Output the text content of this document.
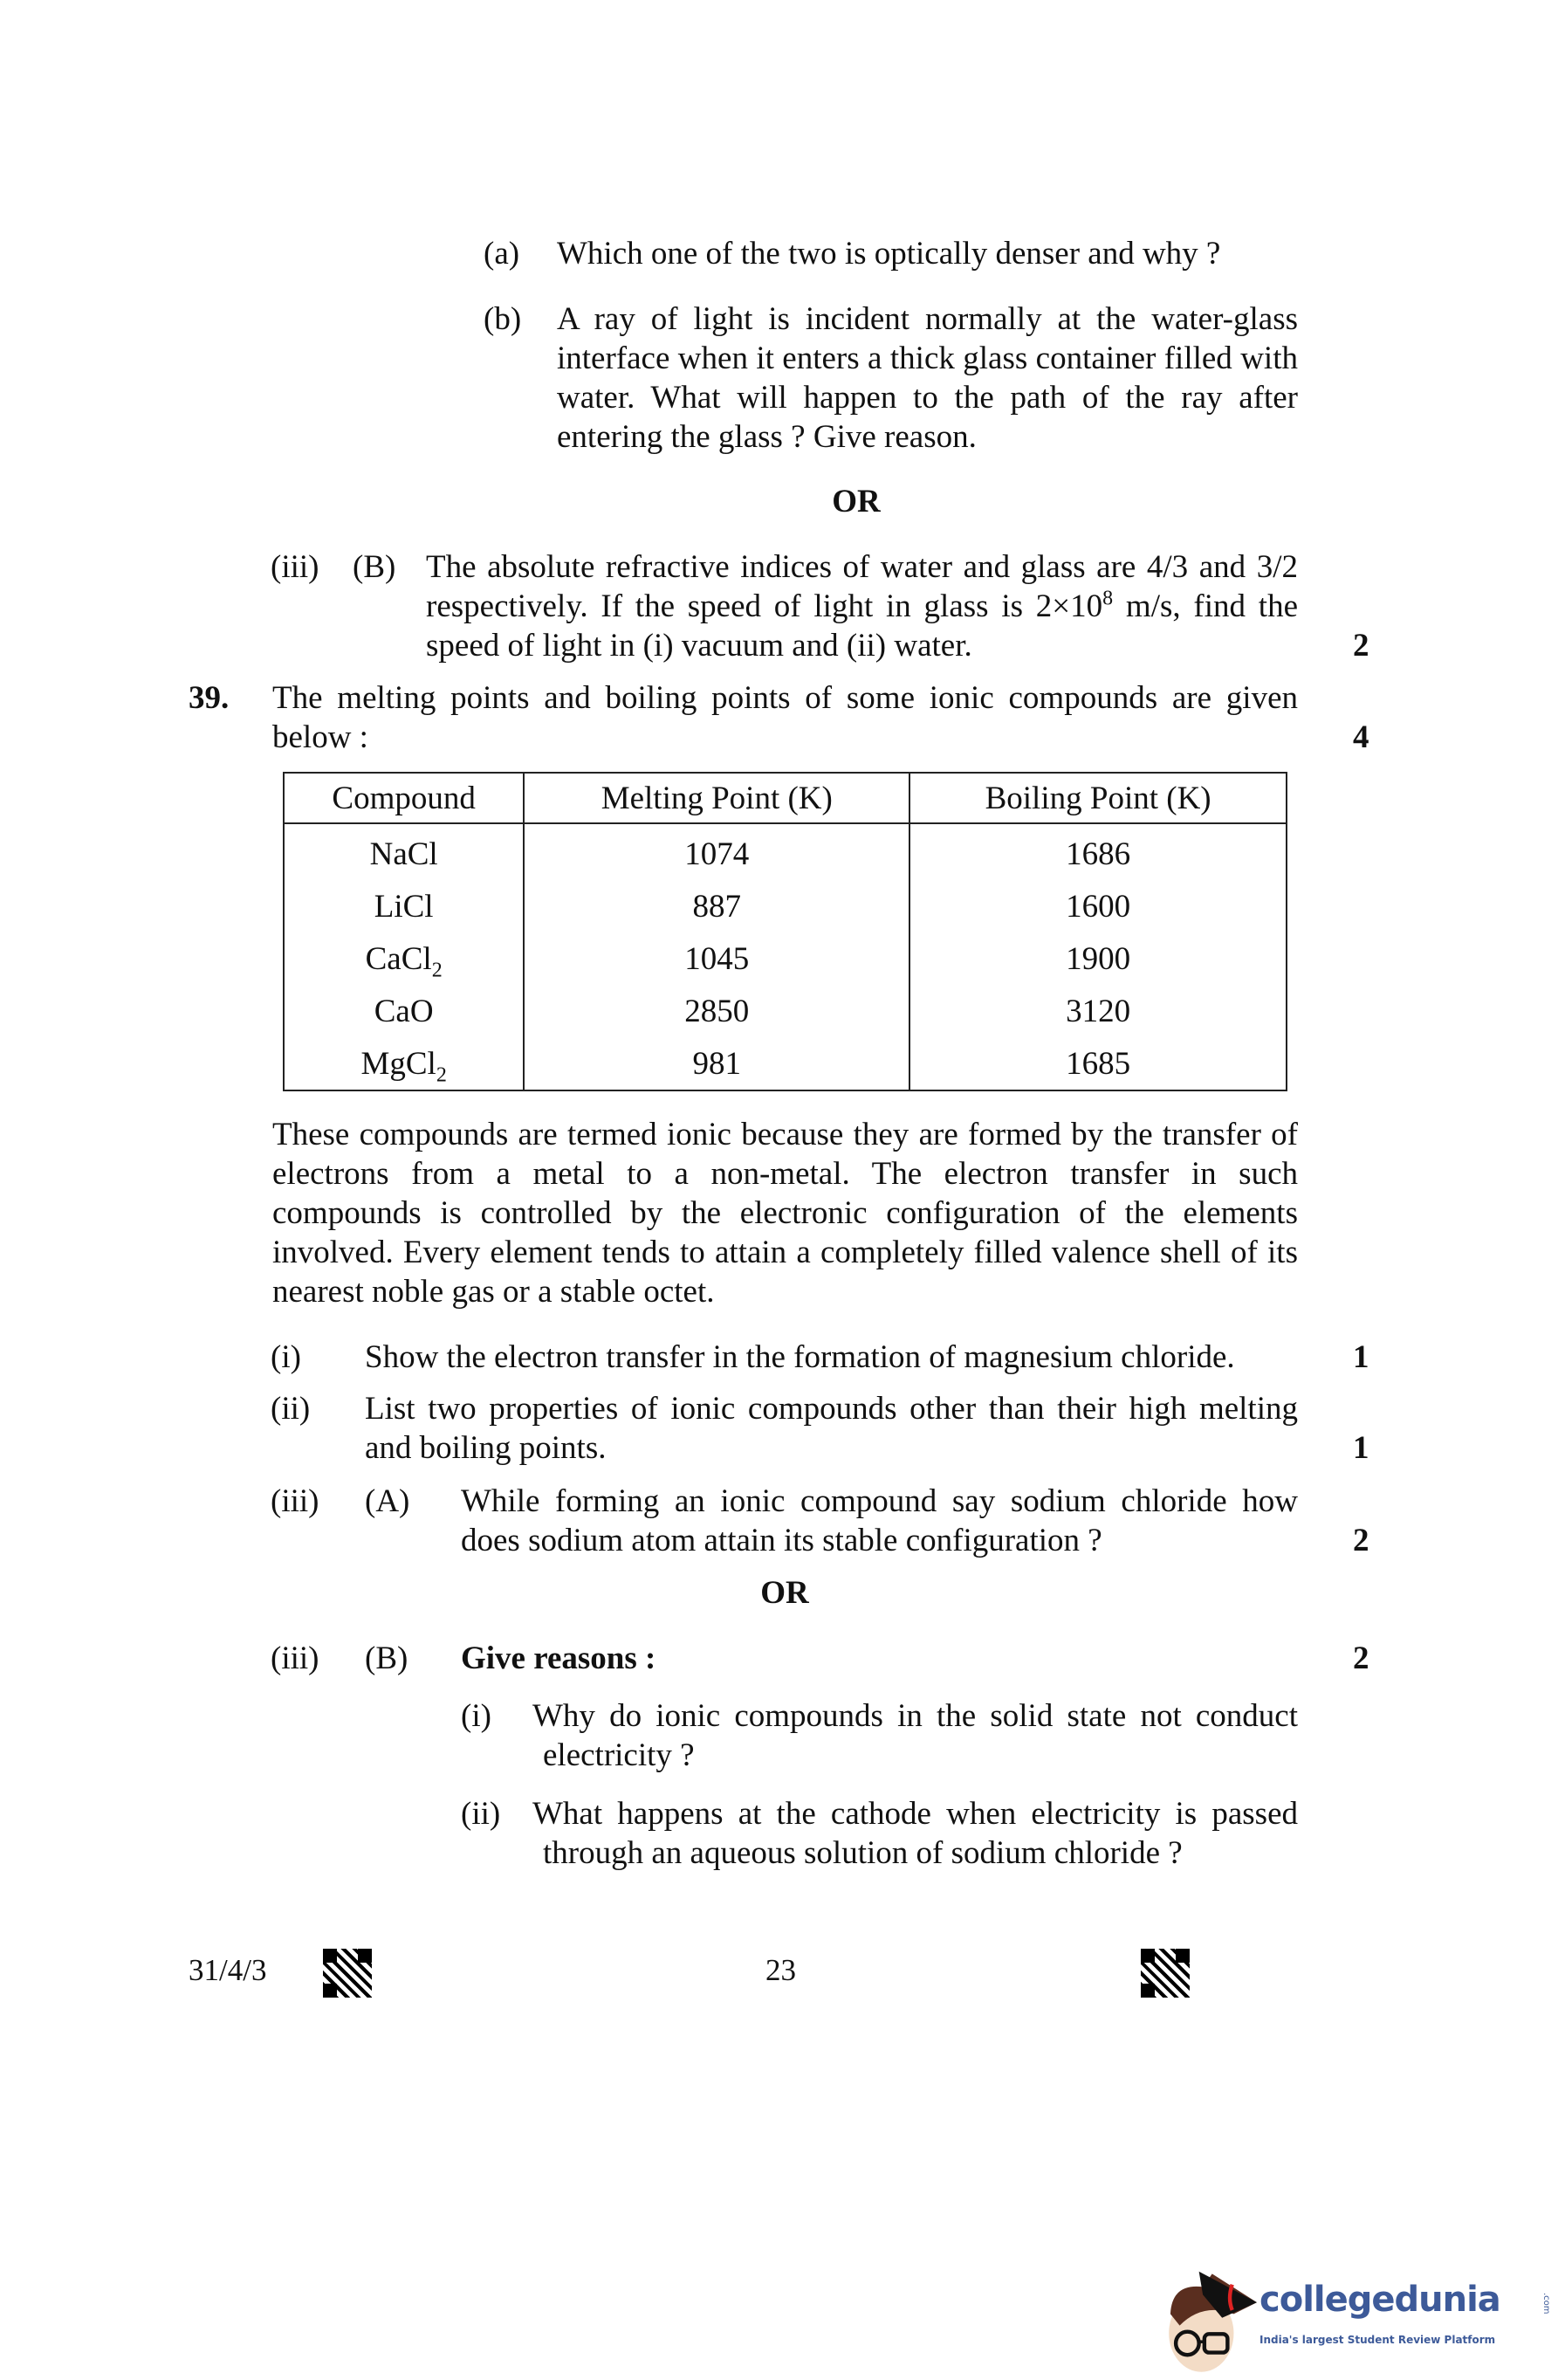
(a) Which one of the two is optically denser and why ?
(b) A ray of light is incident normally at the water-glass interface when it enters a thick glass container filled with water. What will happen to the path of the ray after entering the glass ? Give reason.
OR
(iii) (B) The absolute refractive indices of water and glass are 4/3 and 3/2 respectively. If the speed of light in glass is $2\times 10^8$ m/s, find the speed of light in (i) vacuum and (ii) water.	2
39. The melting points and boiling points of some ionic compounds are given below :	4
Compound	Melting Point (K)	Boiling Point (K)
NaCl	1074	1686
LiCl	887	1600
CaCl$_2$	1045	1900
CaO	2850	3120
MgCl$_2$	981	1685
These compounds are termed ionic because they are formed by the transfer of electrons from a metal to a non-metal. The electron transfer in such compounds is controlled by the electronic configuration of the elements involved. Every element tends to attain a completely filled valence shell of its nearest noble gas or a stable octet.
(i) Show the electron transfer in the formation of magnesium chloride.	1
(ii) List two properties of ionic compounds other than their high melting and boiling points.	1
(iii) (A) While forming an ionic compound say sodium chloride how does sodium atom attain its stable configuration ?	2
OR
(iii) (B) Give reasons :	2
(i) Why do ionic compounds in the solid state not conduct electricity ?
(ii) What happens at the cathode when electricity is passed through an aqueous solution of sodium chloride ?
31/4/3	23
collegedunia	.com
India's largest Student Review Platform
